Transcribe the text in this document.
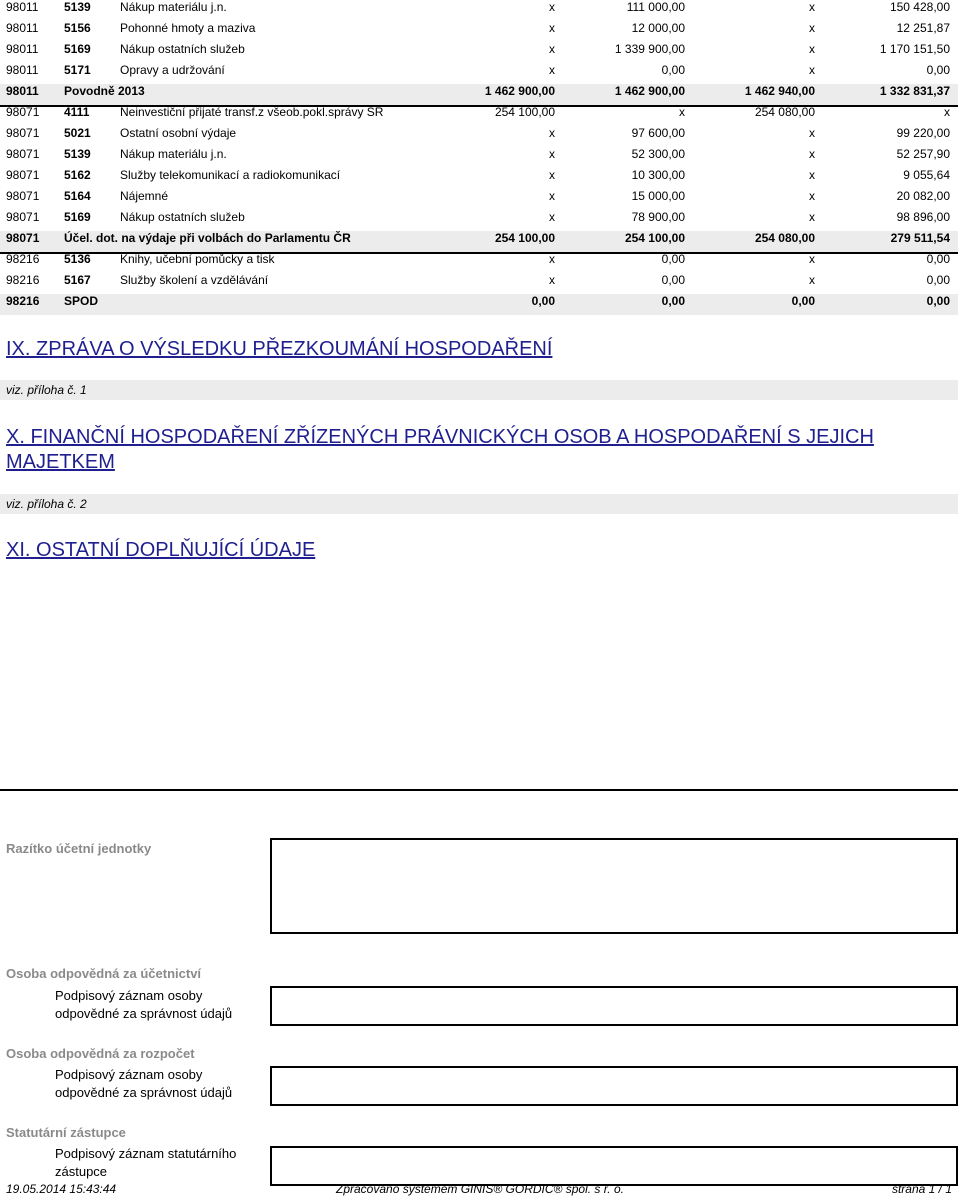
98011 5139 Nákup materiálu j.n.	x	111 000,00	x	150 428,00
98011 5156 Pohonné hmoty a maziva	x	12 000,00	x	12 251,87
98011 5169 Nákup ostatních služeb	x	1 339 900,00	x	1 170 151,50
98011 5171 Opravy a udržování	x	0,00	x	0,00
98011 Povodně 2013	1 462 900,00	1 462 900,00	1 462 940,00	1 332 831,37
98071 4111	Neinvestiční přijaté transf.z všeob.pokl.správy SR	254 100,00	x	254 080,00	x
98071 5021 Ostatní osobní výdaje	x	97 600,00	x	99 220,00
98071 5139 Nákup materiálu j.n.	x	52 300,00	x	52 257,90
98071 5162 Služby telekomunikací a radiokomunikací	x	10 300,00	x	9 055,64
98071 5164 Nájemné	x	15 000,00	x	20 082,00
98071 5169 Nákup ostatních služeb	x	78 900,00	x	98 896,00
98071 Účel. dot. na výdaje při volbách do Parlamentu ČR	254 100,00	254 100,00	254 080,00	279 511,54
98216 5136 Knihy, učební pomůcky a tisk	x	0,00	x	0,00
98216 5167 Služby školení a vzdělávání	x	0,00	x	0,00
98216 SPOD	0,00	0,00	0,00	0,00
IX. ZPRÁVA O VÝSLEDKU PŘEZKOUMÁNÍ HOSPODAŘENÍ
viz. příloha č. 1
X. FINANČNÍ HOSPODAŘENÍ ZŘÍZENÝCH PRÁVNICKÝCH OSOB A HOSPODAŘENÍ S JEJICH
MAJETKEM
viz. příloha č. 2
XI. OSTATNÍ DOPLŇUJÍCÍ ÚDAJE
Razítko účetní jednotky
Osoba odpovědná za účetnictví
Podpisový záznam osoby
odpovědné za správnost údajů
Osoba odpovědná za rozpočet
Podpisový záznam osoby
odpovědné za správnost údajů
Statutární zástupce
Podpisový záznam statutárního
zástupce
19.05.2014 15:43:44	Zpracováno systémem GINIS® GORDIC® spol. s r. o.	strana 1 / 1
